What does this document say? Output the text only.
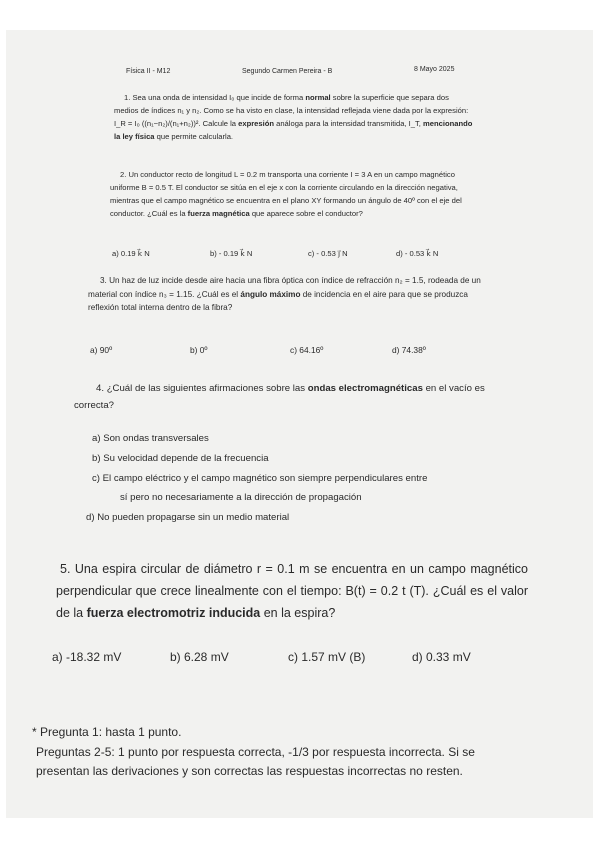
Física II - M12	Segundo Carmen Pereira - B	8 Mayo 2025
1. Sea una onda de intensidad I₀ que incide de forma normal sobre la superficie que separa dos medios de índices n₁ y n₂. Como se ha visto en clase, la intensidad reflejada viene dada por la expresión: I_R = I₀ ((n₁−n₂)/(n₁+n₂))². Calcule la expresión análoga para la intensidad transmitida, I_T, mencionando la ley física que permite calcularla.
2. Un conductor recto de longitud L = 0.2 m transporta una corriente I = 3 A en un campo magnético uniforme B = 0.5 T. El conductor se sitúa en el eje x con la corriente circulando en la dirección negativa, mientras que el campo magnético se encuentra en el plano XY formando un ángulo de 40º con el eje del conductor. ¿Cuál es la fuerza magnética que aparece sobre el conductor?
a) 0.19 k⃗ N	b) - 0.19 k⃗ N	c) - 0.53 j⃗ N	d) - 0.53 k⃗ N
3. Un haz de luz incide desde aire hacia una fibra óptica con índice de refracción n₂ = 1.5, rodeada de un material con índice n₃ = 1.15. ¿Cuál es el ángulo máximo de incidencia en el aire para que se produzca reflexión total interna dentro de la fibra?
a) 90º	b) 0º	c) 64.16º	d) 74.38º
4. ¿Cuál de las siguientes afirmaciones sobre las ondas electromagnéticas en el vacío es correcta?
a) Son ondas transversales
b) Su velocidad depende de la frecuencia
c) El campo eléctrico y el campo magnético son siempre perpendiculares entre
sí pero no necesariamente a la dirección de propagación
d) No pueden propagarse sin un medio material
5. Una espira circular de diámetro r = 0.1 m se encuentra en un campo magnético perpendicular que crece linealmente con el tiempo: B(t) = 0.2 t (T). ¿Cuál es el valor de la fuerza electromotriz inducida en la espira?
a) -18.32 mV	b) 6.28 mV	c) 1.57 mV (B)	d) 0.33 mV
* Pregunta 1: hasta 1 punto.
Preguntas 2-5: 1 punto por respuesta correcta, -1/3 por respuesta incorrecta. Si se presentan las derivaciones y son correctas las respuestas incorrectas no resten.
